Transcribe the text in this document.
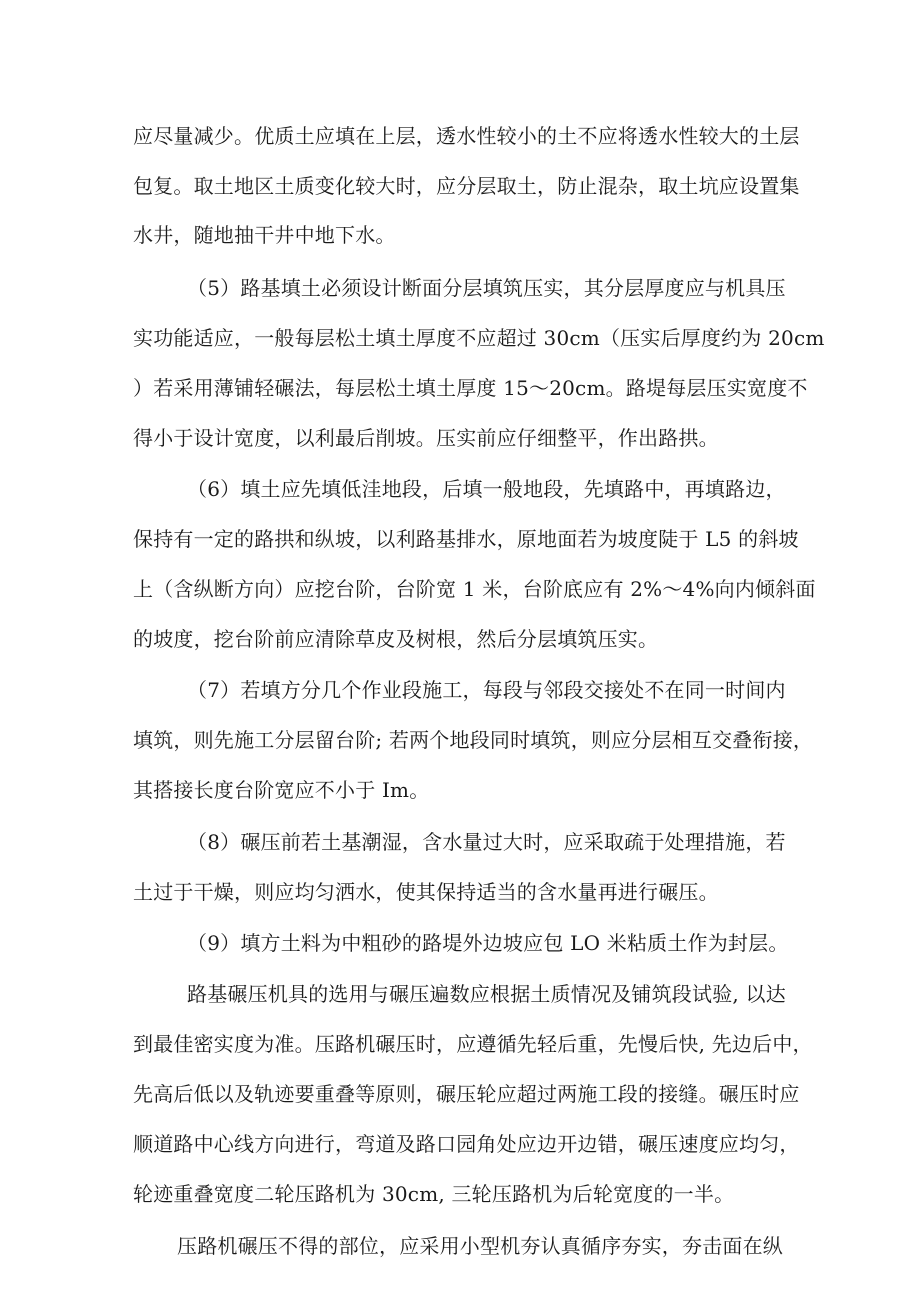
应尽量减少。优质土应填在上层，透水性较小的土不应将透水性较大的土层
包复。取土地区土质变化较大时，应分层取土，防止混杂，取土坑应设置集
水井，随地抽干井中地下水。
（5）路基填土必须设计断面分层填筑压实，其分层厚度应与机具压
实功能适应，一般每层松土填土厚度不应超过 30cm（压实后厚度约为 20cm
）若采用薄铺轻碾法，每层松土填土厚度 15～20cm。路堤每层压实宽度不
得小于设计宽度，以利最后削坡。压实前应仔细整平，作出路拱。
（6）填土应先填低洼地段，后填一般地段，先填路中，再填路边，
保持有一定的路拱和纵坡，以利路基排水，原地面若为坡度陡于 L5 的斜坡
上（含纵断方向）应挖台阶，台阶宽 1 米，台阶底应有 2%～4%向内倾斜面
的坡度，挖台阶前应清除草皮及树根，然后分层填筑压实。
（7）若填方分几个作业段施工，每段与邻段交接处不在同一时间内
填筑，则先施工分层留台阶; 若两个地段同时填筑，则应分层相互交叠衔接，
其搭接长度台阶宽应不小于 Im。
（8）碾压前若土基潮湿，含水量过大时，应采取疏于处理措施，若
土过于干燥，则应均匀洒水，使其保持适当的含水量再进行碾压。
（9）填方土料为中粗砂的路堤外边坡应包 LO 米粘质土作为封层。
路基碾压机具的选用与碾压遍数应根据土质情况及铺筑段试验, 以达
到最佳密实度为准。压路机碾压时，应遵循先轻后重，先慢后快, 先边后中，
先高后低以及轨迹要重叠等原则，碾压轮应超过两施工段的接缝。碾压时应
顺道路中心线方向进行，弯道及路口园角处应边开边错，碾压速度应均匀，
轮迹重叠宽度二轮压路机为 30cm, 三轮压路机为后轮宽度的一半。
压路机碾压不得的部位，应采用小型机夯认真循序夯实，夯击面在纵
